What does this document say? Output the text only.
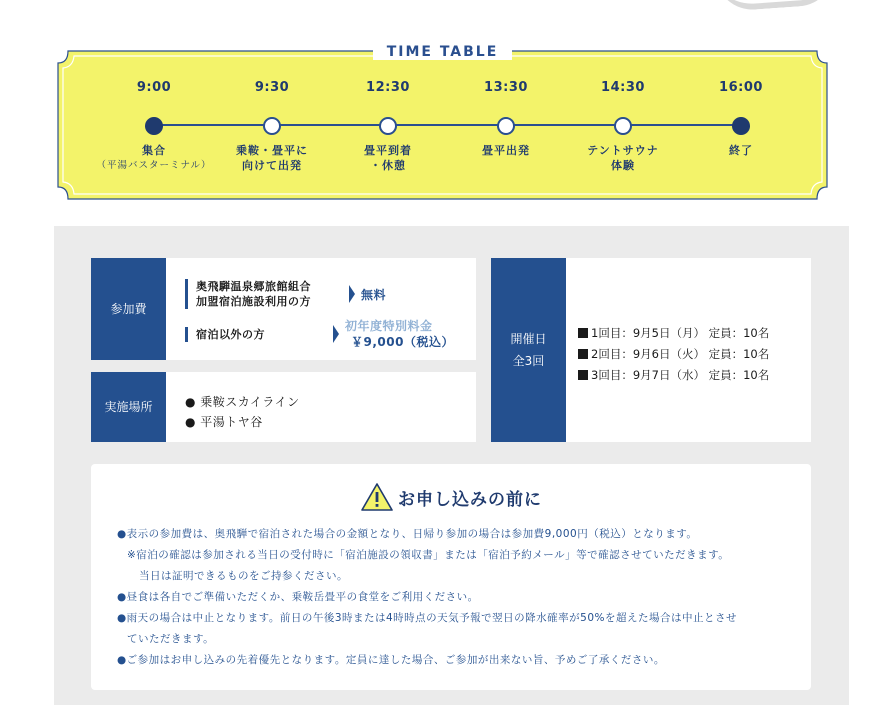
TIME TABLE
9:00
集合
（平湯バスターミナル）
9:30
乗鞍・畳平に
向けて出発
12:30
畳平到着
・休憩
13:30
畳平出発
14:30
テントサウナ
体験
16:00
終了
参加費
奥飛騨温泉郷旅館組合
加盟宿泊施設利用の方	無料
宿泊以外の方
初年度特別料金
￥9,000（税込）
実施場所	● 乗鞍スカイライン
● 平湯トヤ谷
開催日
全3回
1回目：9月5日（月） 定員：10名
2回目：9月6日（火） 定員：10名
3回目：9月7日（水） 定員：10名
お申し込みの前に

●表示の参加費は、奥飛騨で宿泊された場合の金額となり、日帰り参加の場合は参加費9,000円（税込）となります。

※宿泊の確認は参加される当日の受付時に「宿泊施設の領収書」または「宿泊予約メール」等で確認させていただきます。

当日は証明できるものをご持参ください。

●昼食は各自でご準備いただくか、乗鞍岳畳平の食堂をご利用ください。

●雨天の場合は中止となります。前日の午後3時または4時時点の天気予報で翌日の降水確率が50%を超えた場合は中止とさせ

ていただきます。

●ご参加はお申し込みの先着優先となります。定員に達した場合、ご参加が出来ない旨、予めご了承ください。
